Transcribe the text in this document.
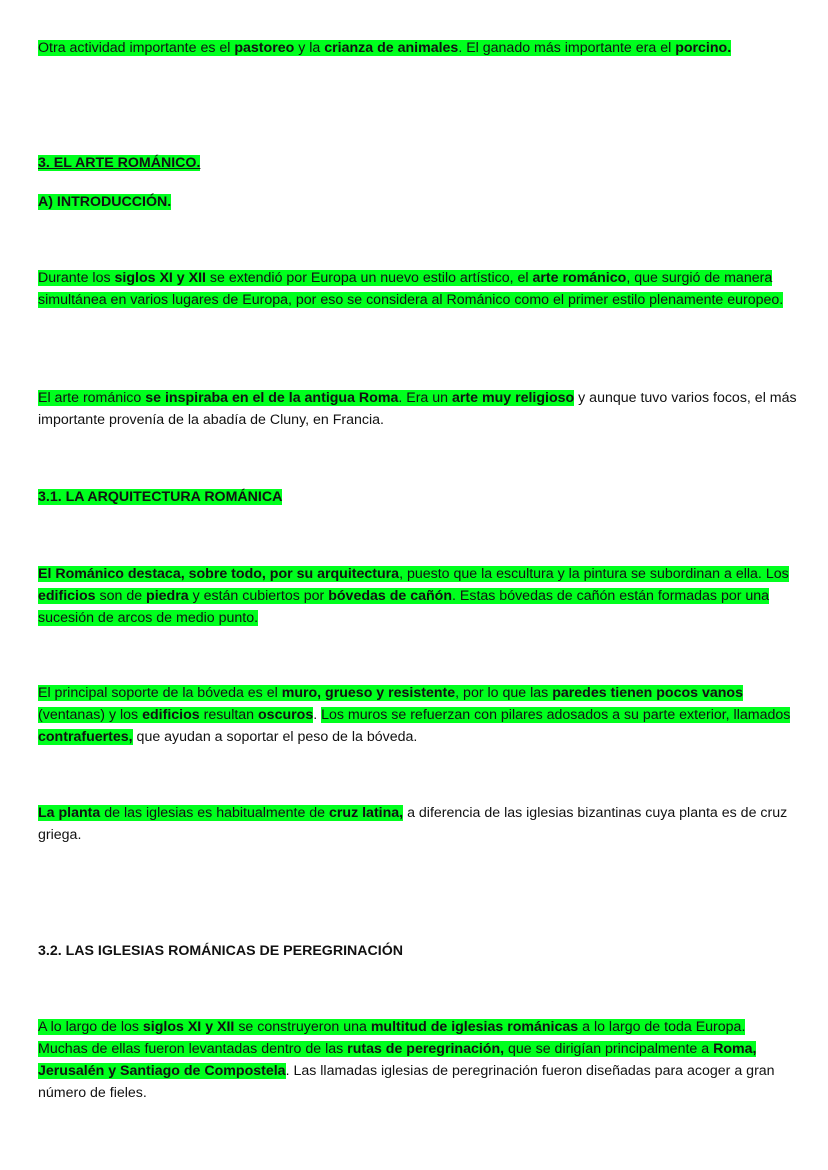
Otra actividad importante es el pastoreo y la crianza de animales. El ganado más importante era el porcino.

3. EL ARTE ROMÁNICO.

A) INTRODUCCIÓN.

Durante los siglos XI y XII se extendió por Europa un nuevo estilo artístico, el arte románico, que surgió de manera simultánea en varios lugares de Europa, por eso se considera al Románico como el primer estilo plenamente europeo.

El arte románico se inspiraba en el de la antigua Roma. Era un arte muy religioso y aunque tuvo varios focos, el más importante provenía de la abadía de Cluny, en Francia.

3.1. LA ARQUITECTURA ROMÁNICA

El Románico destaca, sobre todo, por su arquitectura, puesto que la escultura y la pintura se subordinan a ella. Los edificios son de piedra y están cubiertos por bóvedas de cañón. Estas bóvedas de cañón están formadas por una sucesión de arcos de medio punto.

El principal soporte de la bóveda es el muro, grueso y resistente, por lo que las paredes tienen pocos vanos (ventanas) y los edificios resultan oscuros. Los muros se refuerzan con pilares adosados a su parte exterior, llamados contrafuertes, que ayudan a soportar el peso de la bóveda.

La planta de las iglesias es habitualmente de cruz latina, a diferencia de las iglesias bizantinas cuya planta es de cruz griega.

3.2. LAS IGLESIAS ROMÁNICAS DE PEREGRINACIÓN

A lo largo de los siglos XI y XII se construyeron una multitud de iglesias románicas a lo largo de toda Europa. Muchas de ellas fueron levantadas dentro de las rutas de peregrinación, que se dirigían principalmente a Roma, Jerusalén y Santiago de Compostela. Las llamadas iglesias de peregrinación fueron diseñadas para acoger a gran número de fieles.
